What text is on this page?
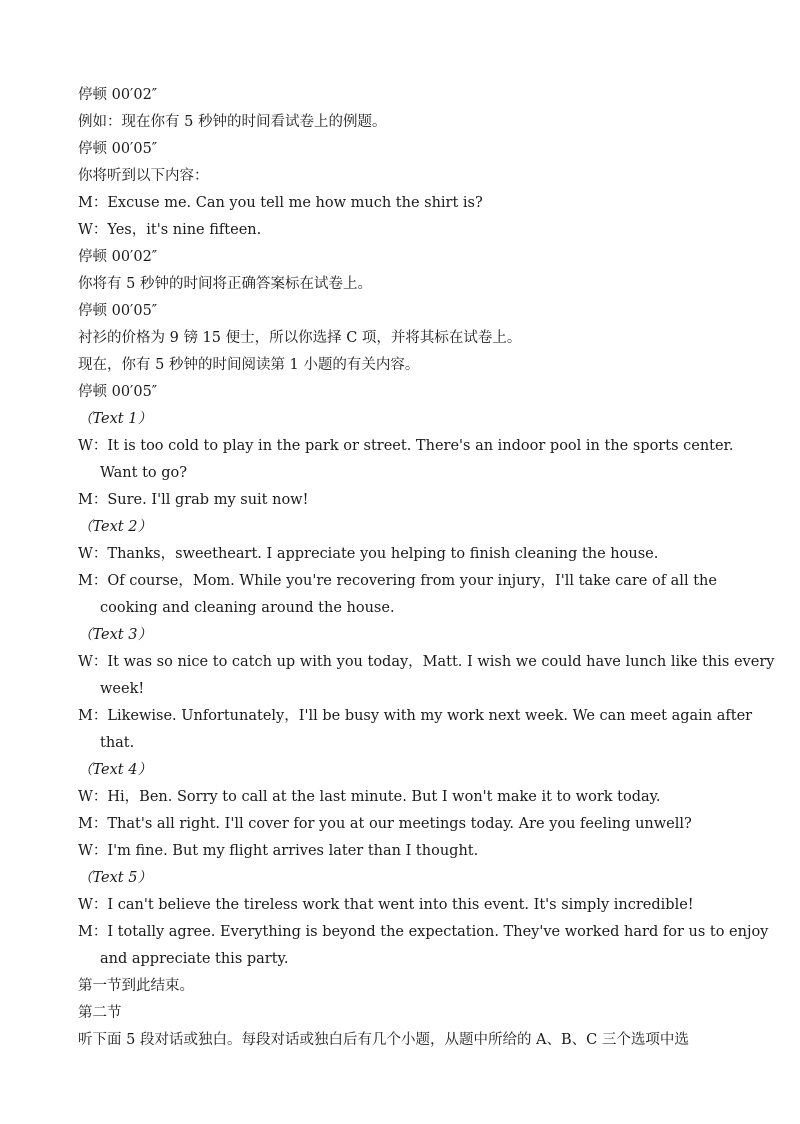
停顿 00′02″
例如：现在你有 5 秒钟的时间看试卷上的例题。
停顿 00′05″
你将听到以下内容：
M：Excuse me. Can you tell me how much the shirt is?
W：Yes，it's nine fifteen.
停顿 00′02″
你将有 5 秒钟的时间将正确答案标在试卷上。
停顿 00′05″
衬衫的价格为 9 镑 15 便士，所以你选择 C 项，并将其标在试卷上。
现在，你有 5 秒钟的时间阅读第 1 小题的有关内容。
停顿 00′05″
（Text 1）
W：It is too cold to play in the park or street. There's an indoor pool in the sports center.
Want to go?
M：Sure. I'll grab my suit now!
（Text 2）
W：Thanks，sweetheart. I appreciate you helping to finish cleaning the house.
M：Of course，Mom. While you're recovering from your injury，I'll take care of all the
cooking and cleaning around the house.
（Text 3）
W：It was so nice to catch up with you today，Matt. I wish we could have lunch like this every
week!
M：Likewise. Unfortunately，I'll be busy with my work next week. We can meet again after
that.
（Text 4）
W：Hi，Ben. Sorry to call at the last minute. But I won't make it to work today.
M：That's all right. I'll cover for you at our meetings today. Are you feeling unwell?
W：I'm fine. But my flight arrives later than I thought.
（Text 5）
W：I can't believe the tireless work that went into this event. It's simply incredible!
M：I totally agree. Everything is beyond the expectation. They've worked hard for us to enjoy
and appreciate this party.
第一节到此结束。
第二节
听下面 5 段对话或独白。每段对话或独白后有几个小题，从题中所给的 A、B、C 三个选项中选
